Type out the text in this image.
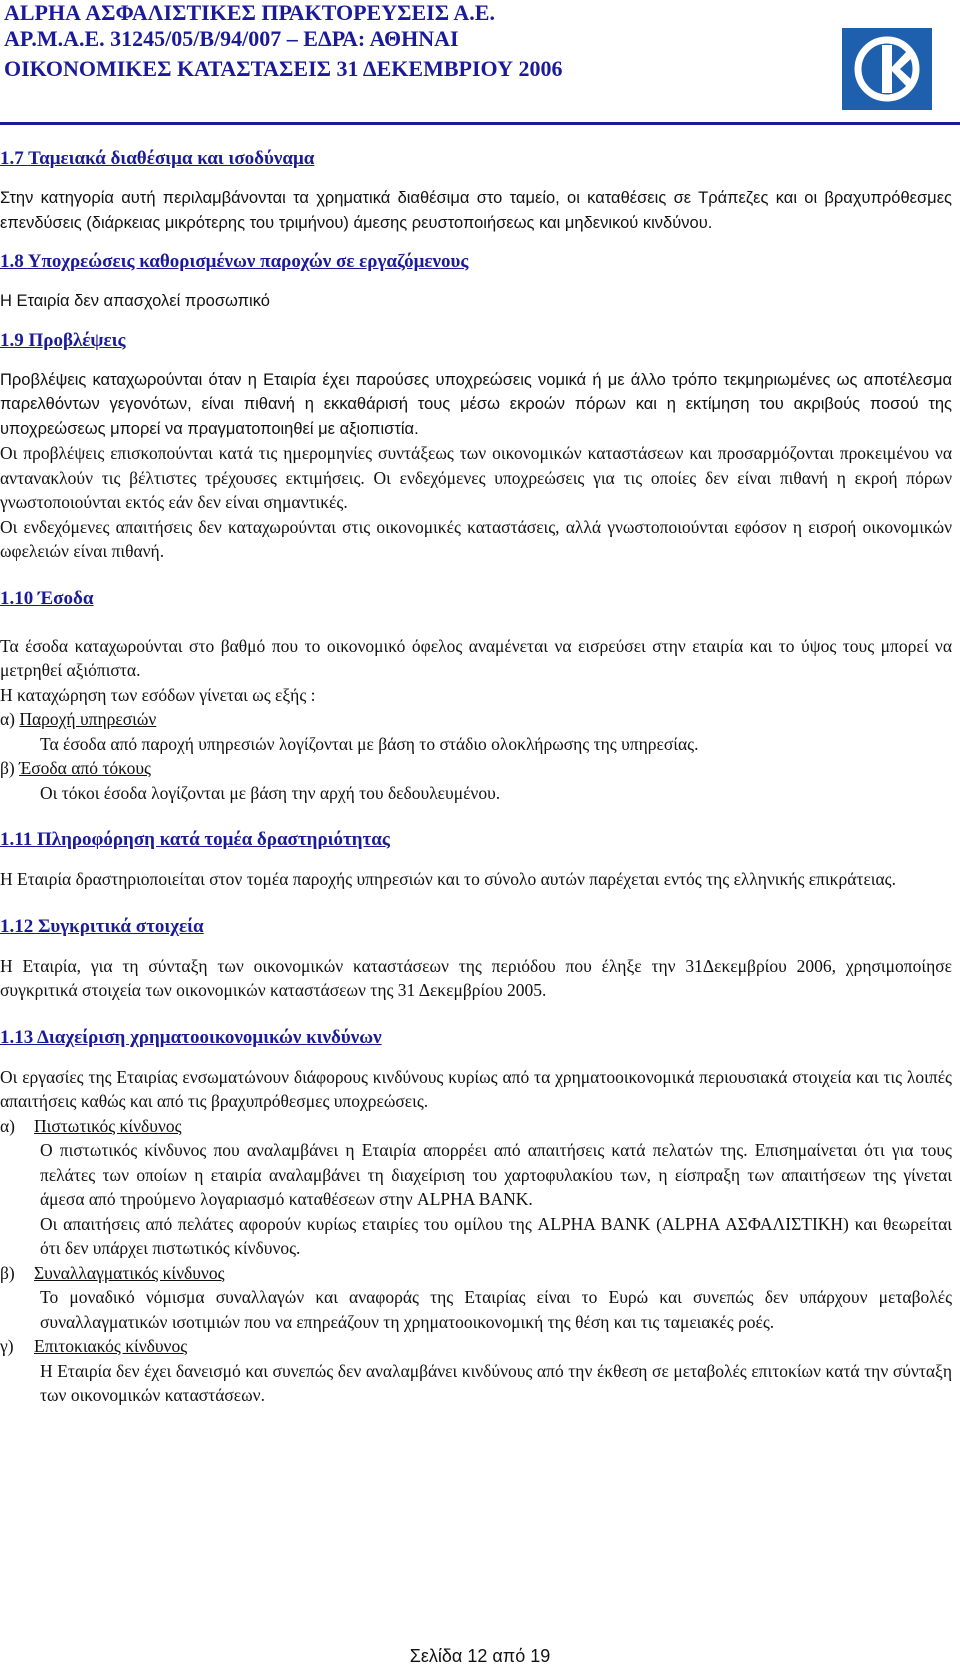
ALPHA ΑΣΦΑΛΙΣΤΙΚΕΣ ΠΡΑΚΤΟΡΕΥΣΕΙΣ Α.Ε.
ΑΡ.Μ.Α.Ε. 31245/05/Β/94/007 – ΕΔΡΑ: ΑΘΗΝΑΙ
ΟΙΚΟΝΟΜΙΚΕΣ ΚΑΤΑΣΤΑΣΕΙΣ 31 ΔΕΚΕΜΒΡΙΟΥ 2006
1.7 Ταμειακά διαθέσιμα και ισοδύναμα

Στην κατηγορία αυτή περιλαμβάνονται τα χρηματικά διαθέσιμα στο ταμείο, οι καταθέσεις σε Τράπεζες και οι βραχυπρόθεσμες επενδύσεις (διάρκειας μικρότερης του τριμήνου) άμεσης ρευστοποιήσεως και μηδενικού κινδύνου.

1.8 Υποχρεώσεις καθορισμένων παροχών σε εργαζόμενους

Η Εταιρία δεν απασχολεί προσωπικό

1.9 Προβλέψεις

Προβλέψεις καταχωρούνται όταν η Εταιρία έχει παρούσες υποχρεώσεις νομικά ή με άλλο τρόπο τεκμηριωμένες ως αποτέλεσμα παρελθόντων γεγονότων, είναι πιθανή η εκκαθάρισή τους μέσω εκροών πόρων και η εκτίμηση του ακριβούς ποσού της υποχρεώσεως μπορεί να πραγματοποιηθεί με αξιοπιστία.

Οι προβλέψεις επισκοπούνται κατά τις ημερομηνίες συντάξεως των οικονομικών καταστάσεων και προσαρμόζονται προκειμένου να αντανακλούν τις βέλτιστες τρέχουσες εκτιμήσεις. Οι ενδεχόμενες υποχρεώσεις για τις οποίες δεν είναι πιθανή η εκροή πόρων γνωστοποιούνται εκτός εάν δεν είναι σημαντικές.

Οι ενδεχόμενες απαιτήσεις δεν καταχωρούνται στις οικονομικές καταστάσεις, αλλά γνωστοποιούνται εφόσον η εισροή οικονομικών ωφελειών είναι πιθανή.

1.10 Έσοδα

Τα έσοδα καταχωρούνται στο βαθμό που το οικονομικό όφελος αναμένεται να εισρεύσει στην εταιρία και το ύψος τους μπορεί να μετρηθεί αξιόπιστα.

Η καταχώρηση των εσόδων γίνεται ως εξής :

α)
Παροχή υπηρεσιών

Τα έσοδα από παροχή υπηρεσιών λογίζονται με βάση το στάδιο ολοκλήρωσης της υπηρεσίας.

β)
Έσοδα από τόκους

Οι τόκοι έσοδα λογίζονται με βάση την αρχή του δεδουλευμένου.

1.11 Πληροφόρηση κατά τομέα δραστηριότητας

Η Εταιρία δραστηριοποιείται στον τομέα παροχής υπηρεσιών και το σύνολο αυτών παρέχεται εντός της ελληνικής επικράτειας.

1.12 Συγκριτικά στοιχεία

Η Εταιρία, για τη σύνταξη των οικονομικών καταστάσεων της περιόδου που έληξε την 31Δεκεμβρίου 2006, χρησιμοποίησε συγκριτικά στοιχεία των οικονομικών καταστάσεων της 31 Δεκεμβρίου 2005.

1.13 Διαχείριση χρηματοοικονομικών κινδύνων

Οι εργασίες της Εταιρίας ενσωματώνουν διάφορους κινδύνους κυρίως από τα χρηματοοικονομικά περιουσιακά στοιχεία και τις λοιπές απαιτήσεις καθώς και από τις βραχυπρόθεσμες υποχρεώσεις.

α)	Πιστωτικός κίνδυνος

Ο πιστωτικός κίνδυνος που αναλαμβάνει η Εταιρία απορρέει από απαιτήσεις κατά πελατών της. Επισημαίνεται ότι για τους πελάτες των οποίων η εταιρία αναλαμβάνει τη διαχείριση του χαρτοφυλακίου των, η είσπραξη των απαιτήσεων της γίνεται άμεσα από τηρούμενο λογαριασμό καταθέσεων στην ALPHA BANK.

Οι απαιτήσεις από πελάτες αφορούν κυρίως εταιρίες του ομίλου της ALPHA BANK (ALPHA ΑΣΦΑΛΙΣΤΙΚΗ) και θεωρείται ότι δεν υπάρχει πιστωτικός κίνδυνος.

β)	Συναλλαγματικός κίνδυνος

Το μοναδικό νόμισμα συναλλαγών και αναφοράς της Εταιρίας είναι το Ευρώ και συνεπώς δεν υπάρχουν μεταβολές συναλλαγματικών ισοτιμιών που να επηρεάζουν τη χρηματοοικονομική της θέση και τις ταμειακές ροές.

γ)	Επιτοκιακός κίνδυνος

Η Εταιρία δεν έχει δανεισμό και συνεπώς δεν αναλαμβάνει κινδύνους από την έκθεση σε μεταβολές επιτοκίων κατά την σύνταξη των οικονομικών καταστάσεων.

Σελίδα 12 από 19
